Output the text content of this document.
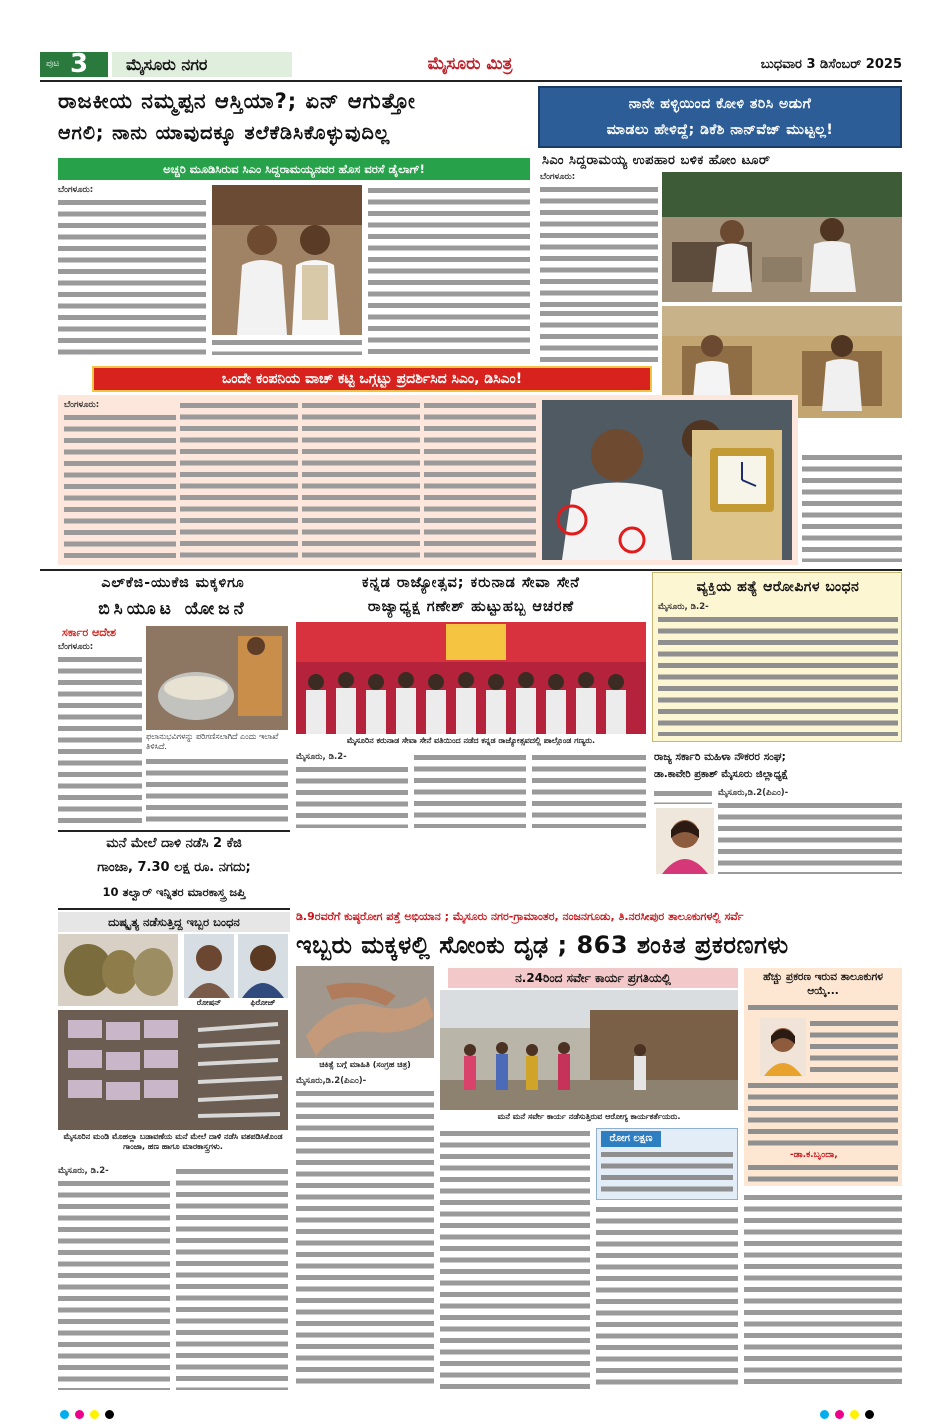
ಪುಟ 3	ಮೈಸೂರು ನಗರ	ಮೈಸೂರು ಮಿತ್ರ	ಬುಧವಾರ 3 ಡಿಸೆಂಬರ್ 2025
ರಾಜಕೀಯ ನಮ್ಮಪ್ಪನ ಆಸ್ತಿಯಾ?; ಏನ್ ಆಗುತ್ತೋ
ಆಗಲಿ; ನಾನು ಯಾವುದಕ್ಕೂ ತಲೆಕೆಡಿಸಿಕೊಳ್ಳುವುದಿಲ್ಲ
ಅಚ್ಚರಿ ಮೂಡಿಸಿರುವ ಸಿಎಂ ಸಿದ್ದರಾಮಯ್ಯನವರ ಹೊಸ ವರಸೆ ಡೈಲಾಗ್!
ಬೆಂಗಳೂರು:
ನಾನೇ ಹಳ್ಳಿಯಿಂದ ಕೋಳಿ ತರಿಸಿ ಅಡುಗೆ
ಮಾಡಲು ಹೇಳಿದ್ದೆ; ಡಿಕೆಶಿ ನಾನ್‌ವೆಜ್ ಮುಟ್ಟಲ್ಲ!
ಸಿಎಂ ಸಿದ್ದರಾಮಯ್ಯ ಉಪಹಾರ ಬಳಿಕ ಹೋಂ ಟೂರ್
ಬೆಂಗಳೂರು:
ಒಂದೇ ಕಂಪನಿಯ ವಾಚ್ ಕಟ್ಟಿ ಒಗ್ಗಟ್ಟು ಪ್ರದರ್ಶಿಸಿದ ಸಿಎಂ, ಡಿಸಿಎಂ!
ಬೆಂಗಳೂರು:
ಎಲ್‌ಕೆಜಿ-ಯುಕೆಜಿ ಮಕ್ಕಳಿಗೂ
ಬಿಸಿಯೂಟ ಯೋಜನೆ
ಸರ್ಕಾರ ಆದೇಶ
ಬೆಂಗಳೂರು:
ಫಲಾನುಭವಿಗಳನ್ನು ಪರಿಗಣಿಸಲಾಗಿದೆ ಎಂದು ಇಲಾಖೆ ತಿಳಿಸಿದೆ.
ಕನ್ನಡ ರಾಜ್ಯೋತ್ಸವ; ಕರುನಾಡ ಸೇವಾ ಸೇನೆ
ರಾಜ್ಯಾಧ್ಯಕ್ಷ ಗಣೇಶ್ ಹುಟ್ಟುಹಬ್ಬ ಆಚರಣೆ
ಮೈಸೂರಿನ ಕರುನಾಡ ಸೇವಾ ಸೇನೆ ವತಿಯಿಂದ ನಡೆದ ಕನ್ನಡ ರಾಜ್ಯೋತ್ಸವದಲ್ಲಿ ಪಾಲ್ಗೊಂಡ ಗಣ್ಯರು.
ಮೈಸೂರು, ಡಿ.2-
ವ್ಯಕ್ತಿಯ ಹತ್ಯೆ ಆರೋಪಿಗಳ ಬಂಧನ
ಮೈಸೂರು, ಡಿ.2-
ರಾಜ್ಯ ಸರ್ಕಾರಿ ಮಹಿಳಾ ನೌಕರರ ಸಂಘ;
ಡಾ.ಕಾವೇರಿ ಪ್ರಕಾಶ್ ಮೈಸೂರು ಜಿಲ್ಲಾಧ್ಯಕ್ಷೆ
ಮೈಸೂರು,ಡಿ.2(ಪಿಎಂ)-
ಮನೆ ಮೇಲೆ ದಾಳಿ ನಡೆಸಿ 2 ಕೆಜಿ
ಗಾಂಜಾ, 7.30 ಲಕ್ಷ ರೂ. ನಗದು;
10 ತಲ್ವಾರ್ ಇನ್ನಿತರ ಮಾರಕಾಸ್ತ್ರ ಜಪ್ತಿ
ದುಷ್ಕೃತ್ಯ ನಡೆಸುತ್ತಿದ್ದ ಇಬ್ಬರ ಬಂಧನ
ರೋಷನ್	ಫಿರೋಜ್
ಮೈಸೂರಿನ ಮಂಡಿ ಮೊಹಲ್ಲಾ ಬಡಾವಣೆಯ ಮನೆ ಮೇಲೆ ದಾಳಿ ನಡೆಸಿ ವಶಪಡಿಸಿಕೊಂಡ ಗಾಂಜಾ, ಹಣ ಹಾಗೂ ಮಾರಕಾಸ್ತ್ರಗಳು.
ಮೈಸೂರು, ಡಿ.2-
ಡಿ.9ರವರೆಗೆ ಕುಷ್ಠರೋಗ ಪತ್ತೆ ಅಭಿಯಾನ ; ಮೈಸೂರು ನಗರ-ಗ್ರಾಮಾಂತರ, ನಂಜನಗೂಡು, ತಿ.ನರಸೀಪುರ ತಾಲೂಕುಗಳಲ್ಲಿ ಸರ್ವೆ
ಇಬ್ಬರು ಮಕ್ಕಳಲ್ಲಿ ಸೋಂಕು ದೃಢ ; 863 ಶಂಕಿತ ಪ್ರಕರಣಗಳು
ಚಿಕಿತ್ಸೆ ಬಗ್ಗೆ ಮಾಹಿತಿ (ಸಂಗ್ರಹ ಚಿತ್ರ)
ಮೈಸೂರು,ಡಿ.2(ಪಿಎಂ)-
ನ.24ರಿಂದ ಸರ್ವೇ ಕಾರ್ಯ ಪ್ರಗತಿಯಲ್ಲಿ
ಮನೆ ಮನೆ ಸರ್ವೇ ಕಾರ್ಯ ನಡೆಸುತ್ತಿರುವ ಆರೋಗ್ಯ ಕಾರ್ಯಕರ್ತೆಯರು.
ರೋಗ ಲಕ್ಷಣ
ಹೆಚ್ಚು ಪ್ರಕರಣ ಇರುವ ತಾಲೂಕುಗಳ ಆಯ್ಕೆ...
-ಡಾ.ಕ.ಬೃಂದಾ,
